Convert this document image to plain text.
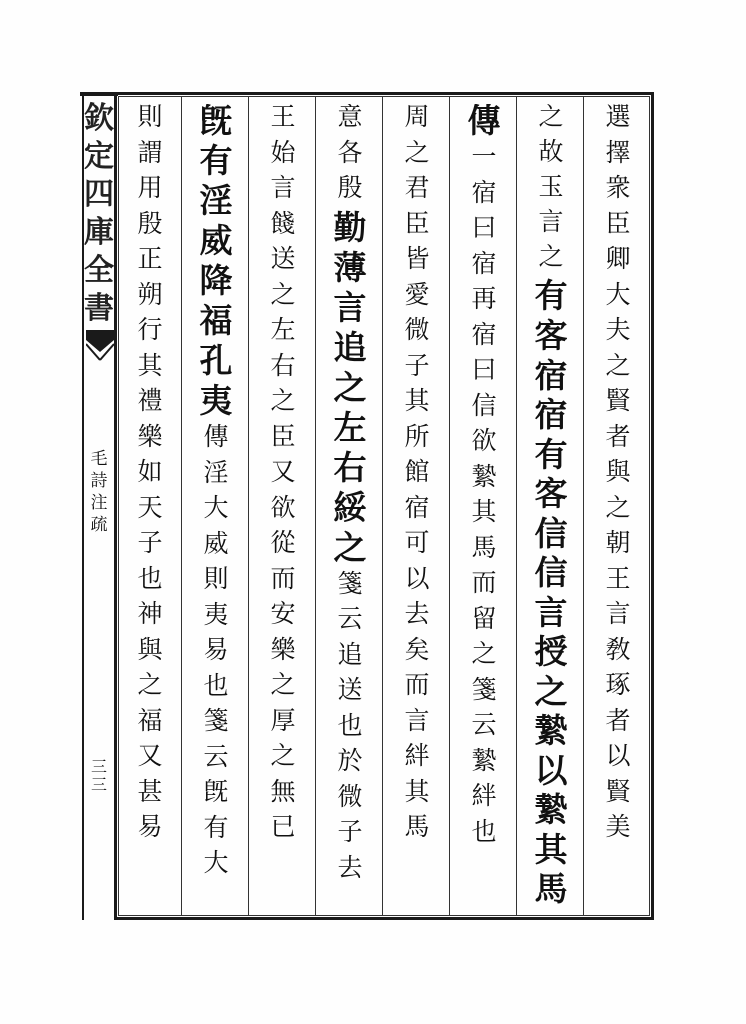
選
擇
衆
臣
卿
大
夫
之
賢
者
與
之
朝
王
言
敎
琢
者
以
賢
美
之
故
玉
言
之
有
客
宿
宿
有
客
信
信
言
授
之
縶
以
縶
其
馬
傳
一
宿
曰
宿
再
宿
曰
信
欲
縶
其
馬
而
留
之
箋
云
縶
絆
也
周
之
君
臣
皆
愛
微
子
其
所
館
宿
可
以
去
矣
而
言
絆
其
馬
意
各
殷
勤
薄
言
追
之
左
右
綏
之
箋
云
追
送
也
於
微
子
去
王
始
言
餞
送
之
左
右
之
臣
又
欲
從
而
安
樂
之
厚
之
無
已
旣
有
淫
威
降
福
孔
夷
傳
淫
大
威
則
夷
易
也
箋
云
旣
有
大
則
謂
用
殷
正
朔
行
其
禮
樂
如
天
子
也
神
與
之
福
又
甚
易
欽
定
四
庫
全
書
毛
詩
注
疏
三三
